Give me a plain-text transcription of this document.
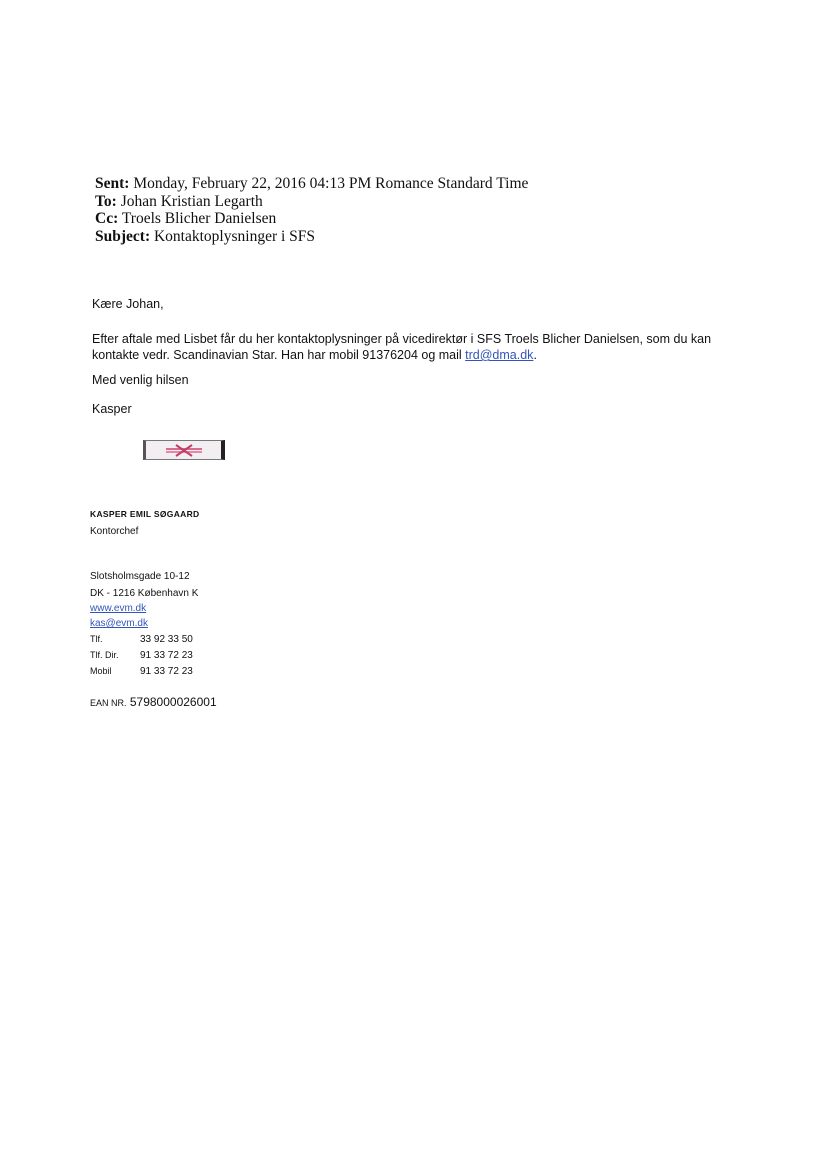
Sent: Monday, February 22, 2016 04:13 PM Romance Standard Time
To: Johan Kristian Legarth
Cc: Troels Blicher Danielsen
Subject: Kontaktoplysninger i SFS
Kære Johan,
Efter aftale med Lisbet får du her kontaktoplysninger på vicedirektør i SFS Troels Blicher Danielsen, som du kan kontakte vedr. Scandinavian Star. Han har mobil 91376204 og mail trd@dma.dk.
Med venlig hilsen
Kasper
KASPER EMIL SØGAARD
Kontorchef
Slotsholmsgade 10-12
DK - 1216 København K
www.evm.dk
kas@evm.dk
Tlf.	33 92 33 50
Tlf. Dir. 91 33 72 23
Mobil	91 33 72 23
EAN NR. 5798000026001
